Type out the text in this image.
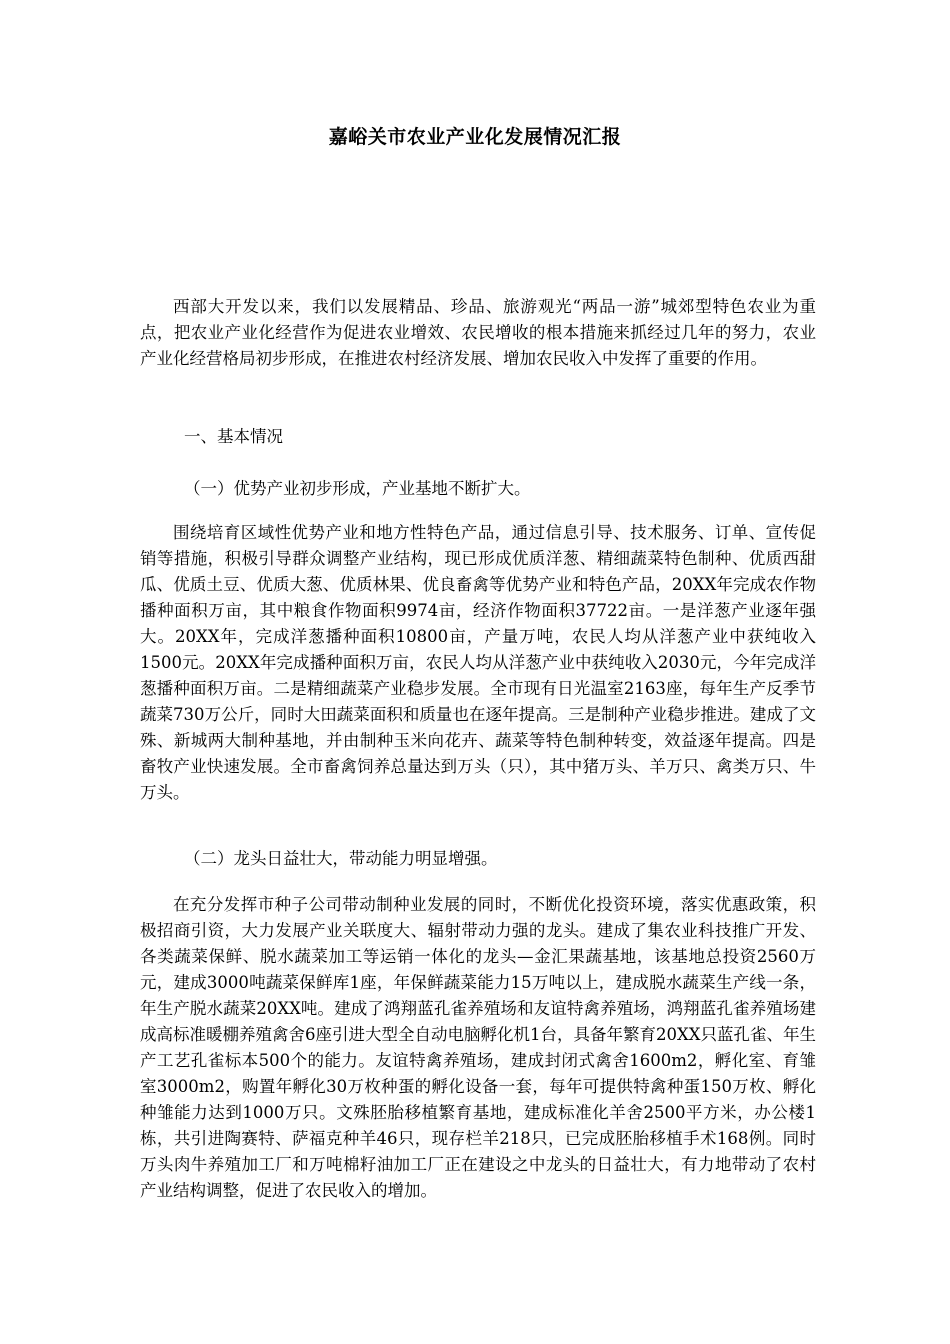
嘉峪关市农业产业化发展情况汇报

西部大开发以来，我们以发展精品、珍品、旅游观光“两品一游”城郊型特色农业为重点，把农业产业化经营作为促进农业增效、农民增收的根本措施来抓经过几年的努力，农业产业化经营格局初步形成，在推进农村经济发展、增加农民收入中发挥了重要的作用。

一、基本情况

（一）优势产业初步形成，产业基地不断扩大。

围绕培育区域性优势产业和地方性特色产品，通过信息引导、技术服务、订单、宣传促销等措施，积极引导群众调整产业结构，现已形成优质洋葱、精细蔬菜特色制种、优质西甜瓜、优质土豆、优质大葱、优质林果、优良畜禽等优势产业和特色产品，20XX年完成农作物播种面积万亩，其中粮食作物面积9974亩，经济作物面积37722亩。一是洋葱产业逐年强大。20XX年，完成洋葱播种面积10800亩，产量万吨，农民人均从洋葱产业中获纯收入1500元。20XX年完成播种面积万亩，农民人均从洋葱产业中获纯收入2030元，今年完成洋葱播种面积万亩。二是精细蔬菜产业稳步发展。全市现有日光温室2163座，每年生产反季节蔬菜730万公斤，同时大田蔬菜面积和质量也在逐年提高。三是制种产业稳步推进。建成了文殊、新城两大制种基地，并由制种玉米向花卉、蔬菜等特色制种转变，效益逐年提高。四是畜牧产业快速发展。全市畜禽饲养总量达到万头（只），其中猪万头、羊万只、禽类万只、牛万头。

（二）龙头日益壮大，带动能力明显增强。

在充分发挥市种子公司带动制种业发展的同时，不断优化投资环境，落实优惠政策，积极招商引资，大力发展产业关联度大、辐射带动力强的龙头。建成了集农业科技推广开发、各类蔬菜保鲜、脱水蔬菜加工等运销一体化的龙头—金汇果蔬基地，该基地总投资2560万元，建成3000吨蔬菜保鲜库1座，年保鲜蔬菜能力15万吨以上，建成脱水蔬菜生产线一条，年生产脱水蔬菜20XX吨。建成了鸿翔蓝孔雀养殖场和友谊特禽养殖场，鸿翔蓝孔雀养殖场建成高标准暖棚养殖禽舍6座引进大型全自动电脑孵化机1台，具备年繁育20XX只蓝孔雀、年生产工艺孔雀标本500个的能力。友谊特禽养殖场，建成封闭式禽舍1600m2，孵化室、育雏室3000m2，购置年孵化30万枚种蛋的孵化设备一套，每年可提供特禽种蛋150万枚、孵化种雏能力达到1000万只。文殊胚胎移植繁育基地，建成标准化羊舍2500平方米，办公楼1栋，共引进陶赛特、萨福克种羊46只，现存栏羊218只，已完成胚胎移植手术168例。同时万头肉牛养殖加工厂和万吨棉籽油加工厂正在建设之中龙头的日益壮大，有力地带动了农村产业结构调整，促进了农民收入的增加。
